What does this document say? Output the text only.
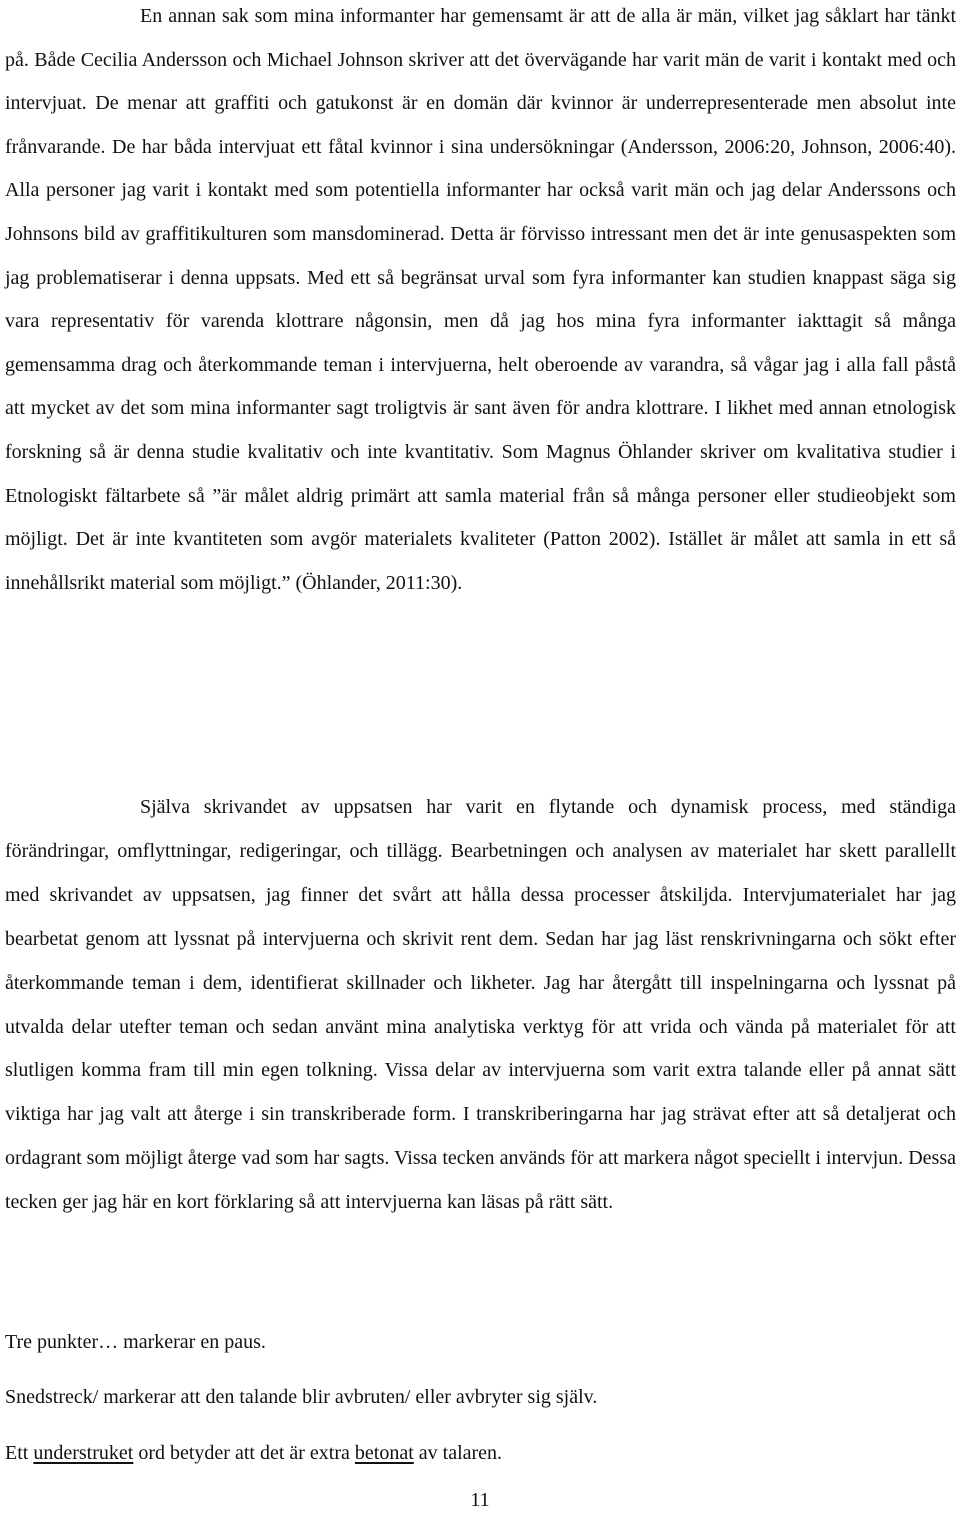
En annan sak som mina informanter har gemensamt är att de alla är män, vilket jag såklart har tänkt på. Både Cecilia Andersson och Michael Johnson skriver att det övervägande har varit män de varit i kontakt med och intervjuat. De menar att graffiti och gatukonst är en domän där kvinnor är underrepresenterade men absolut inte frånvarande. De har båda intervjuat ett fåtal kvinnor i sina undersökningar (Andersson, 2006:20, Johnson, 2006:40). Alla personer jag varit i kontakt med som potentiella informanter har också varit män och jag delar Anderssons och Johnsons bild av graffitikulturen som mansdominerad. Detta är förvisso intressant men det är inte genusaspekten som jag problematiserar i denna uppsats. Med ett så begränsat urval som fyra informanter kan studien knappast säga sig vara representativ för varenda klottrare någonsin, men då jag hos mina fyra informanter iakttagit så många gemensamma drag och återkommande teman i intervjuerna, helt oberoende av varandra, så vågar jag i alla fall påstå att mycket av det som mina informanter sagt troligtvis är sant även för andra klottrare. I likhet med annan etnologisk forskning så är denna studie kvalitativ och inte kvantitativ. Som Magnus Öhlander skriver om kvalitativa studier i Etnologiskt fältarbete så ”är målet aldrig primärt att samla material från så många personer eller studieobjekt som möjligt. Det är inte kvantiteten som avgör materialets kvaliteter (Patton 2002). Istället är målet att samla in ett så innehållsrikt material som möjligt.” (Öhlander, 2011:30).

Själva skrivandet av uppsatsen har varit en flytande och dynamisk process, med ständiga förändringar, omflyttningar, redigeringar, och tillägg. Bearbetningen och analysen av materialet har skett parallellt med skrivandet av uppsatsen, jag finner det svårt att hålla dessa processer åtskiljda. Intervjumaterialet har jag bearbetat genom att lyssnat på intervjuerna och skrivit rent dem. Sedan har jag läst renskrivningarna och sökt efter återkommande teman i dem, identifierat skillnader och likheter. Jag har återgått till inspelningarna och lyssnat på utvalda delar utefter teman och sedan använt mina analytiska verktyg för att vrida och vända på materialet för att slutligen komma fram till min egen tolkning. Vissa delar av intervjuerna som varit extra talande eller på annat sätt viktiga har jag valt att återge i sin transkriberade form. I transkriberingarna har jag strävat efter att så detaljerat och ordagrant som möjligt återge vad som har sagts. Vissa tecken används för att markera något speciellt i intervjun. Dessa tecken ger jag här en kort förklaring så att intervjuerna kan läsas på rätt sätt.

Tre punkter… markerar en paus.

Snedstreck/ markerar att den talande blir avbruten/ eller avbryter sig själv.

Ett understruket ord betyder att det är extra betonat av talaren.

11
